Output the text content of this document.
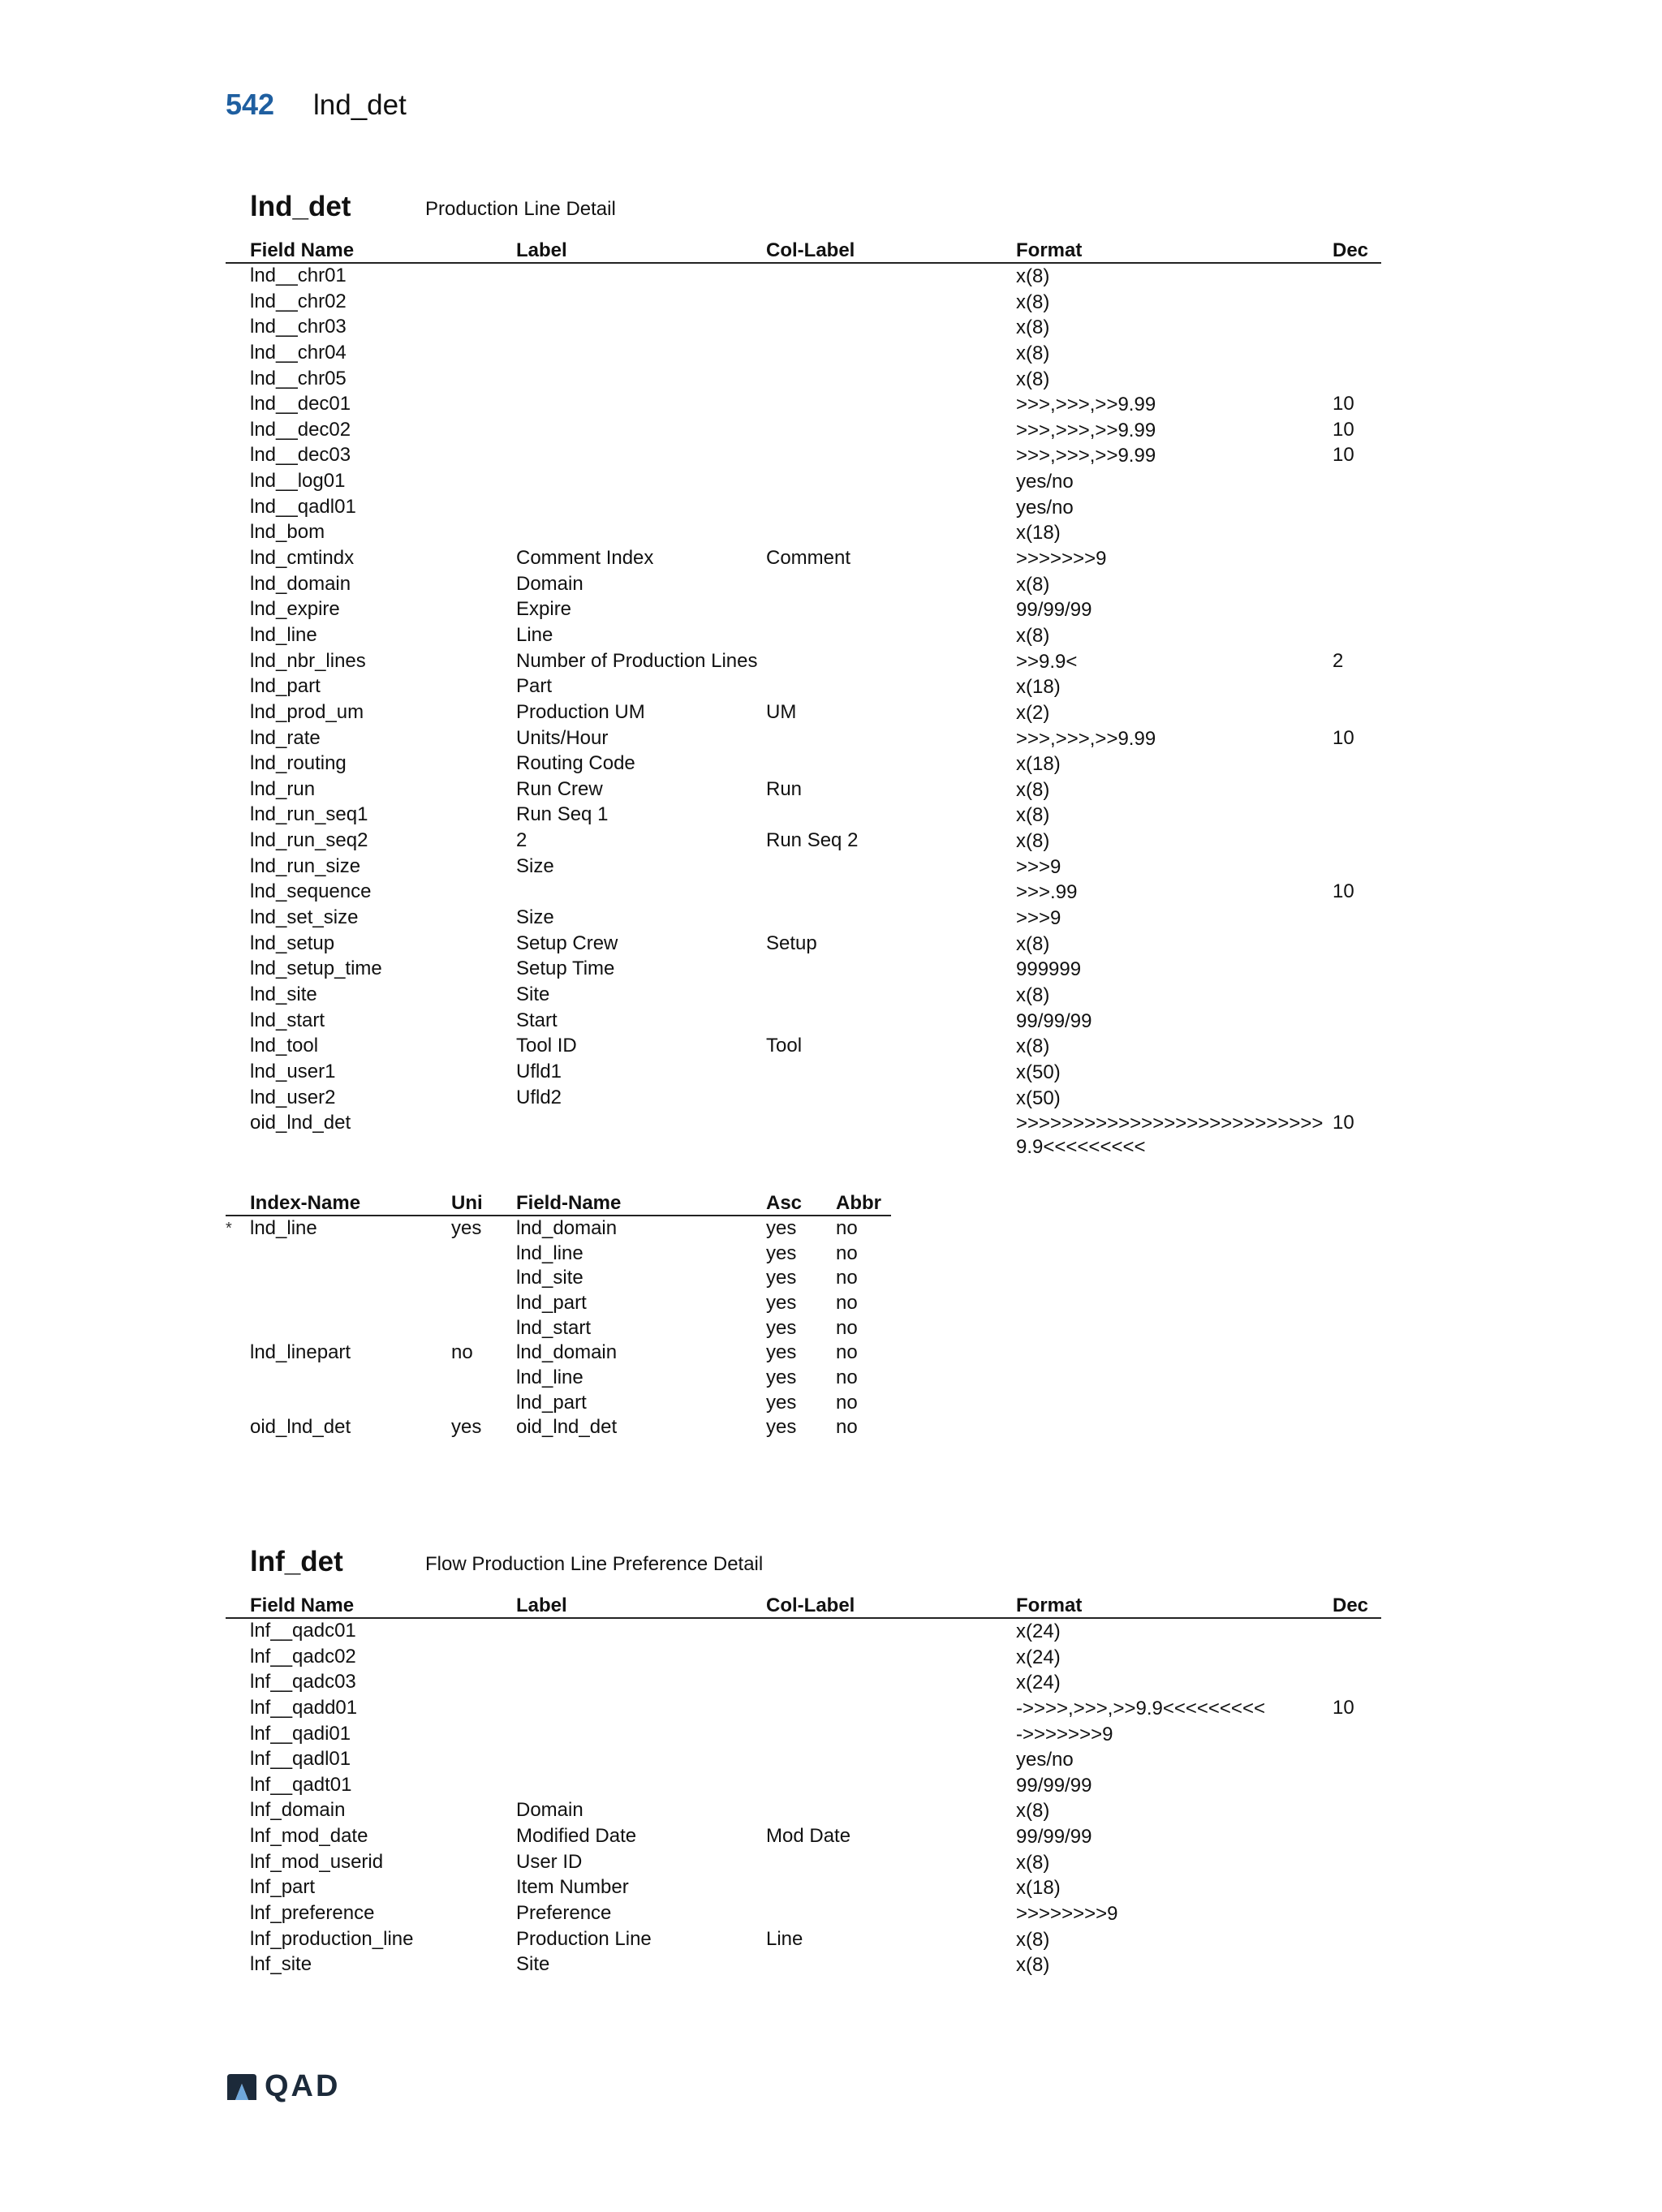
542 lnd_det
lnd_det	Production Line Detail
	Field Name	Label	Col-Label	Format	Dec
	lnd__chr01			x(8)	
	lnd__chr02			x(8)	
	lnd__chr03			x(8)	
	lnd__chr04			x(8)	
	lnd__chr05			x(8)	
	lnd__dec01			>>>,>>>,>>9.99	10
	lnd__dec02			>>>,>>>,>>9.99	10
	lnd__dec03			>>>,>>>,>>9.99	10
	lnd__log01			yes/no	
	lnd__qadl01			yes/no	
	lnd_bom			x(18)	
	lnd_cmtindx	Comment Index	Comment	>>>>>>>9	
	lnd_domain	Domain		x(8)	
	lnd_expire	Expire		99/99/99	
	lnd_line	Line		x(8)	
	lnd_nbr_lines	Number of Production Lines		>>9.9<	2
	lnd_part	Part		x(18)	
	lnd_prod_um	Production UM	UM	x(2)	
	lnd_rate	Units/Hour		>>>,>>>,>>9.99	10
	lnd_routing	Routing Code		x(18)	
	lnd_run	Run Crew	Run	x(8)	
	lnd_run_seq1	Run Seq 1		x(8)	
	lnd_run_seq2	2	Run Seq 2	x(8)	
	lnd_run_size	Size		>>>9	
	lnd_sequence			>>>.99	10
	lnd_set_size	Size		>>>9	
	lnd_setup	Setup Crew	Setup	x(8)	
	lnd_setup_time	Setup Time		999999	
	lnd_site	Site		x(8)	
	lnd_start	Start		99/99/99	
	lnd_tool	Tool ID	Tool	x(8)	
	lnd_user1	Ufld1		x(50)	
	lnd_user2	Ufld2		x(50)	
	oid_lnd_det			>>>>>>>>>>>>>>>>>>>>>>>>>>>9.9<<<<<<<<<	10
	Index-Name	Uni	Field-Name	Asc	Abbr
*	lnd_line	yes	lnd_domain	yes	no
			lnd_line	yes	no
			lnd_site	yes	no
			lnd_part	yes	no
			lnd_start	yes	no
	lnd_linepart	no	lnd_domain	yes	no
			lnd_line	yes	no
			lnd_part	yes	no
	oid_lnd_det	yes	oid_lnd_det	yes	no
lnf_det	Flow Production Line Preference Detail
	Field Name	Label	Col-Label	Format	Dec
	lnf__qadc01			x(24)	
	lnf__qadc02			x(24)	
	lnf__qadc03			x(24)	
	lnf__qadd01			->>>>,>>>,>>9.9<<<<<<<<<	10
	lnf__qadi01			->>>>>>>9	
	lnf__qadl01			yes/no	
	lnf__qadt01			99/99/99	
	lnf_domain	Domain		x(8)	
	lnf_mod_date	Modified Date	Mod Date	99/99/99	
	lnf_mod_userid	User ID		x(8)	
	lnf_part	Item Number		x(18)	
	lnf_preference	Preference		>>>>>>>>9	
	lnf_production_line	Production Line	Line	x(8)	
	lnf_site	Site		x(8)	
QAD
